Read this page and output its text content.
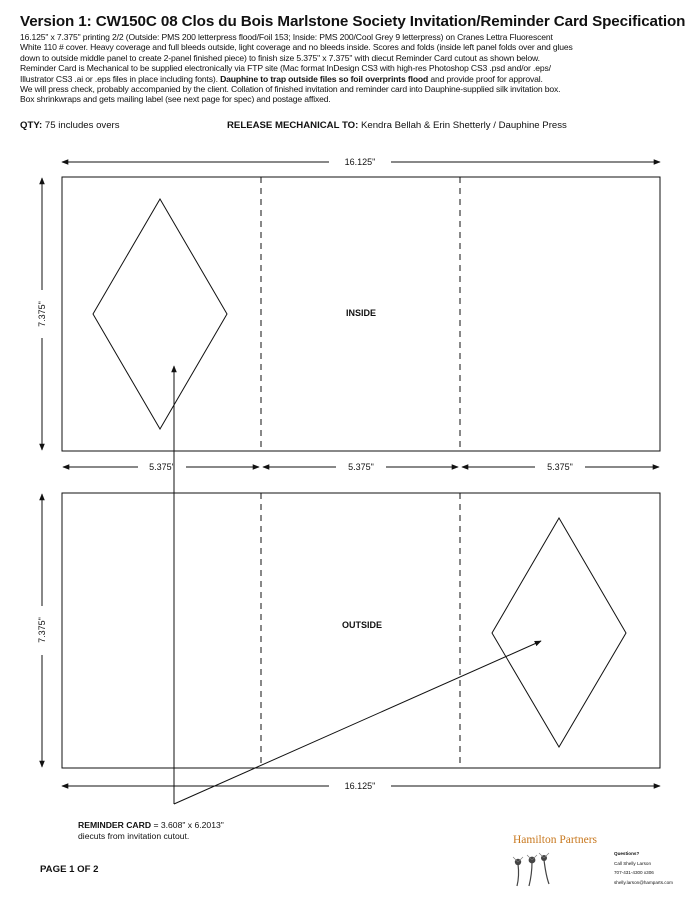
Version 1: CW150C 08 Clos du Bois Marlstone Society Invitation/Reminder Card Specification
16.125" x 7.375" printing 2/2 (Outside: PMS 200 letterpress flood/Foil 153; Inside: PMS 200/Cool Grey 9 letterpress) on Cranes Lettra Fluorescent
White 110 # cover. Heavy coverage and full bleeds outside, light coverage and no bleeds inside. Scores and folds (inside left panel folds over and glues
down to outside middle panel to create 2-panel finished piece) to finish size 5.375" x 7.375" with diecut Reminder Card cutout as shown below.
Reminder Card is Mechanical to be supplied electronically via FTP site (Mac format InDesign CS3 with high-res Photoshop CS3 .psd and/or .eps/
Illustrator CS3 .ai or .eps files in place including fonts). Dauphine to trap outside files so foil overprints flood and provide proof for approval.
We will press check, probably accompanied by the client. Collation of finished invitation and reminder card into Dauphine-supplied silk invitation box.
Box shrinkwraps and gets mailing label (see next page for spec) and postage affixed.
QTY: 75 includes overs	RELEASE MECHANICAL TO: Kendra Bellah & Erin Shetterly / Dauphine Press
16.125"
INSIDE
7.375"
5.375"	5.375"	5.375"
OUTSIDE
7.375"
16.125"
REMINDER CARD = 3.608" x 6.2013"
diecuts from invitation cutout.
PAGE 1 OF 2
Hamilton Partners
Questions?
Call Shelly Larson
707-431-4300 x306
shelly.larson@hamparts.com
